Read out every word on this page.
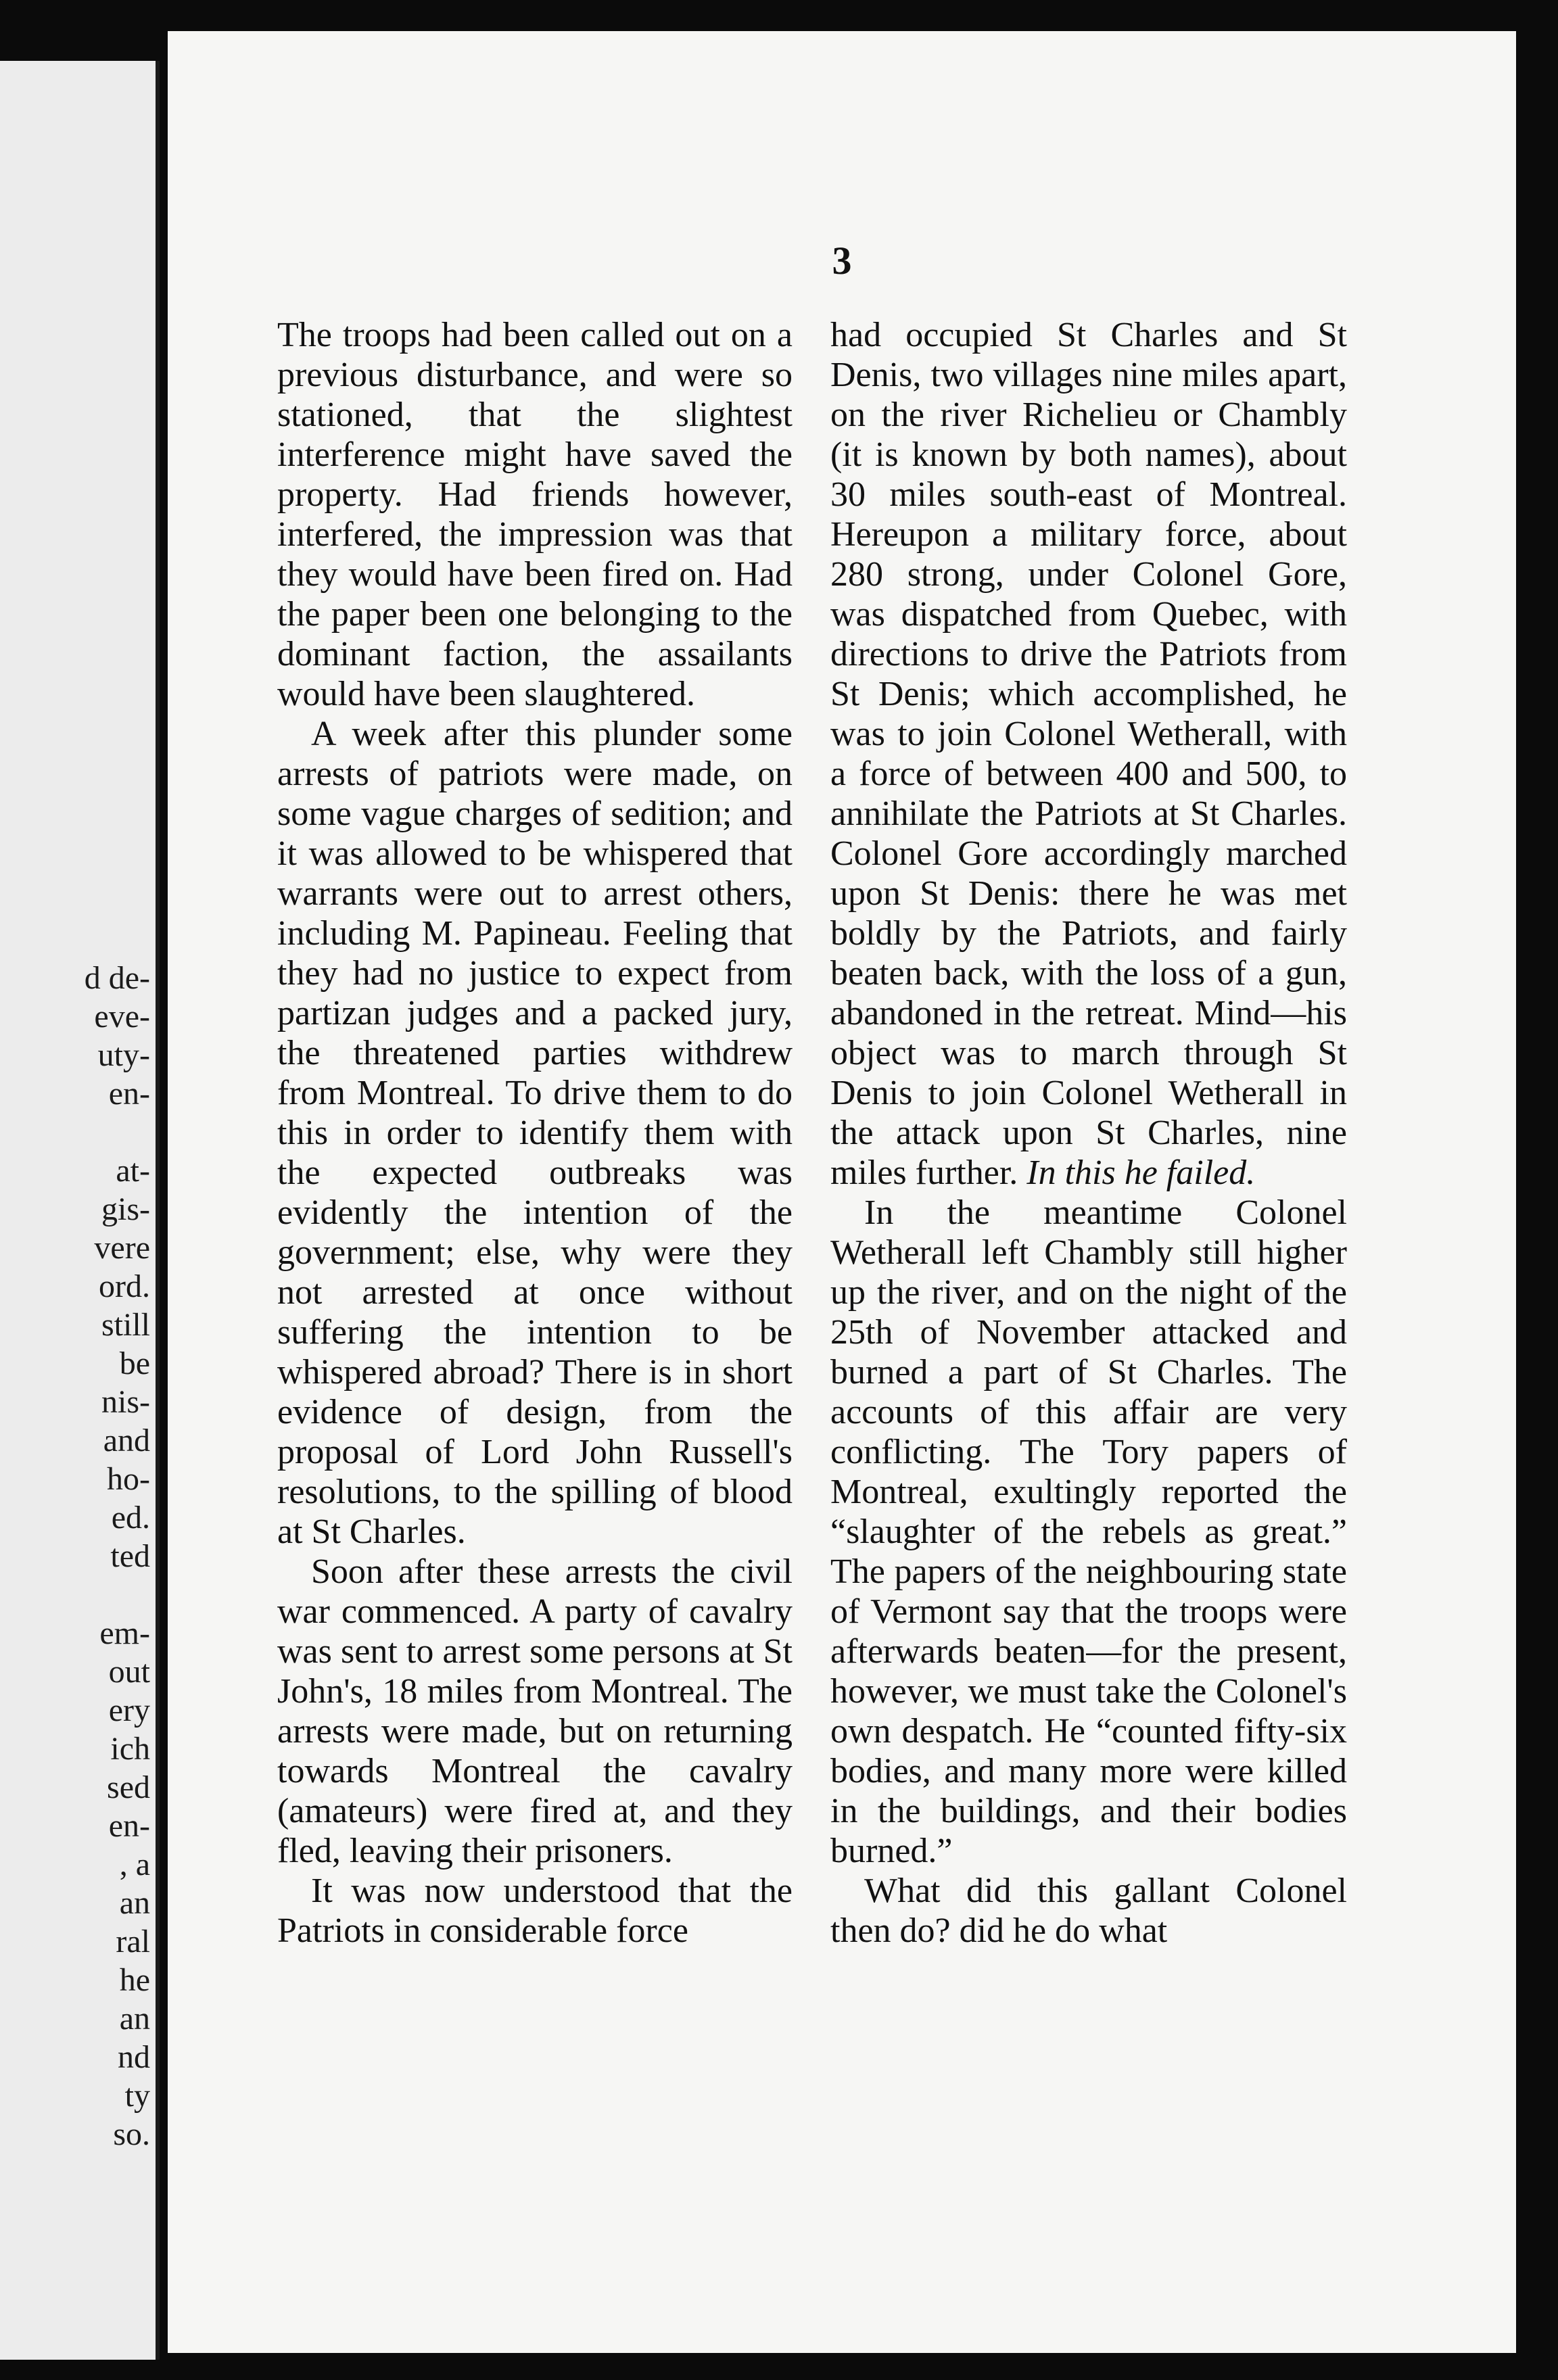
d de-
eve-
uty-
en-
at-
gis-
vere
ord.
still
be
nis-
and
ho-
ed.
ted
em-
out
ery
ich
sed
en-
, a
an
ral
he
an
nd
ty
so.
3

The troops had been called out on a previous disturbance, and were so stationed, that the slightest interference might have saved the property. Had friends however, interfered, the impression was that they would have been fired on. Had the paper been one belonging to the dominant faction, the assailants would have been slaughtered.

A week after this plunder some arrests of patriots were made, on some vague charges of sedition; and it was allowed to be whispered that warrants were out to arrest others, including M. Papineau. Feeling that they had no justice to expect from partizan judges and a packed jury, the threatened parties withdrew from Montreal. To drive them to do this in order to identify them with the expected outbreaks was evidently the intention of the government; else, why were they not arrested at once without suffering the intention to be whispered abroad? There is in short evidence of design, from the proposal of Lord John Russell's resolutions, to the spilling of blood at St Charles.

Soon after these arrests the civil war commenced. A party of cavalry was sent to arrest some persons at St John's, 18 miles from Montreal. The arrests were made, but on returning towards Montreal the cavalry (amateurs) were fired at, and they fled, leaving their prisoners.

It was now understood that the Patriots in considerable force

had occupied St Charles and St Denis, two villages nine miles apart, on the river Richelieu or Chambly (it is known by both names), about 30 miles south-east of Montreal. Hereupon a military force, about 280 strong, under Colonel Gore, was dispatched from Quebec, with directions to drive the Patriots from St Denis; which accomplished, he was to join Colonel Wetherall, with a force of between 400 and 500, to annihilate the Patriots at St Charles. Colonel Gore accordingly marched upon St Denis: there he was met boldly by the Patriots, and fairly beaten back, with the loss of a gun, abandoned in the retreat. Mind—his object was to march through St Denis to join Colonel Wetherall in the attack upon St Charles, nine miles further. In this he failed.

In the meantime Colonel Wetherall left Chambly still higher up the river, and on the night of the 25th of November attacked and burned a part of St Charles. The accounts of this affair are very conflicting. The Tory papers of Montreal, exultingly reported the “slaughter of the rebels as great.” The papers of the neighbouring state of Vermont say that the troops were afterwards beaten—for the present, however, we must take the Colonel's own despatch. He “counted fifty-six bodies, and many more were killed in the buildings, and their bodies burned.”

What did this gallant Colonel then do? did he do what
